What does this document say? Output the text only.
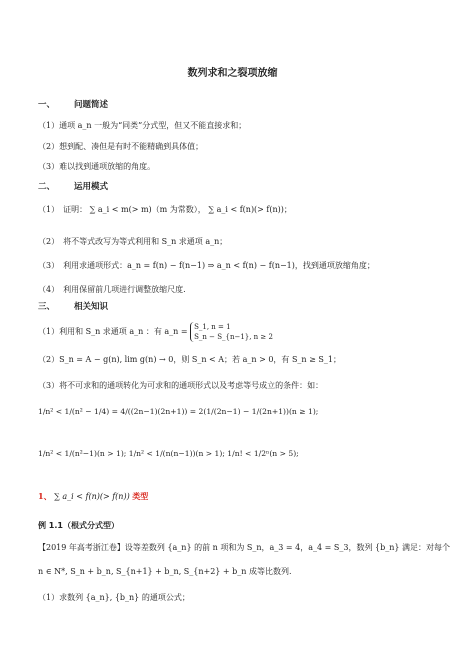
数列求和之裂项放缩
一、 问题简述
（1）通项 a_n 一般为“同类”分式型，但又不能直接求和；
（2）想到配、凑但是有时不能精确到具体值；
（3）难以找到通项放缩的角度。
二、 运用模式
（1）　证明： ∑ a_i < m(> m)（m 为常数）， ∑ a_i < f(n)(> f(n))；
（2）　将不等式改写为等式利用和 S_n 求通项 a_n；
（3）　利用求通项形式：a_n = f(n) − f(n−1) ⇒ a_n < f(n) − f(n−1)，找到通项放缩角度；
（4）　利用保留前几项进行调整放缩尺度.
三、 相关知识
（1）利用和 S_n 求通项 a_n ：有 a_n = S_1, n = 1
S_n − S_{n−1}, n ≥ 2
（2）S_n = A − g(n), lim g(n) → 0，则 S_n < A；若 a_n > 0，有 S_n ≥ S_1；
（3）将不可求和的通项转化为可求和的通项形式以及考虑等号成立的条件：如：
1/n² < 1/(n² − 1/4) = 4/((2n−1)(2n+1)) = 2(1/(2n−1) − 1/(2n+1))(n ≥ 1);
1/n² < 1/(n²−1)(n > 1); 1/n² < 1/(n(n−1))(n > 1); 1/n! < 1/2ⁿ(n > 5);
1、 ∑ a_i < f(n)(> f(n)) 类型
例 1.1（根式分式型）
【2019 年高考浙江卷】设等差数列 {a_n} 的前 n 项和为 S_n，a_3 = 4，a_4 = S_3，数列 {b_n} 满足：对每个
n ∈ N*, S_n + b_n, S_{n+1} + b_n, S_{n+2} + b_n 成等比数列.
（1）求数列 {a_n}, {b_n} 的通项公式；
